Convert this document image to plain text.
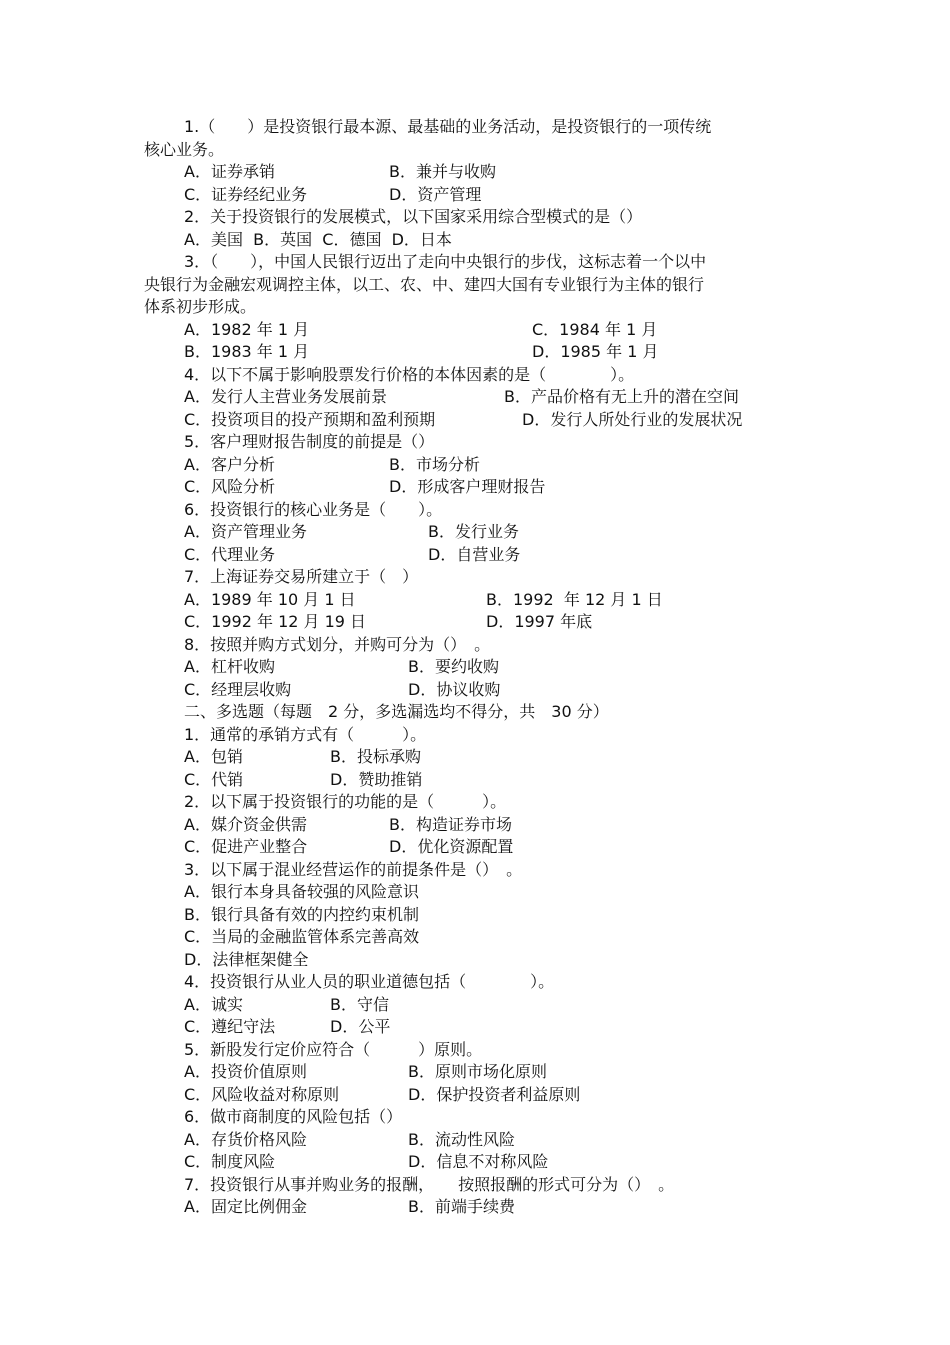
1.（　　）是投资银行最本源、最基础的业务活动，是投资银行的一项传统
核心业务。
A．证券承销	B．兼并与收购
C．证券经纪业务	D．资产管理
2．关于投资银行的发展模式，以下国家采用综合型模式的是（）
A．美国  B．英国  C．德国  D．日本
3．（　　），中国人民银行迈出了走向中央银行的步伐，这标志着一个以中
央银行为金融宏观调控主体，以工、农、中、建四大国有专业银行为主体的银行
体系初步形成。
A．1982 年 1 月	C．1984 年 1 月
B．1983 年 1 月	D．1985 年 1 月
4．以下不属于影响股票发行价格的本体因素的是（　　　　）。
A．发行人主营业务发展前景	B．产品价格有无上升的潜在空间
C．投资项目的投产预期和盈利预期	D．发行人所处行业的发展状况
5．客户理财报告制度的前提是（）
A．客户分析	B．市场分析
C．风险分析	D．形成客户理财报告
6．投资银行的核心业务是（　　）。
A．资产管理业务	B．发行业务
C．代理业务	D．自营业务
7．上海证券交易所建立于（　）
A．1989 年 10 月 1 日	B．1992  年 12 月 1 日
C．1992 年 12 月 19 日	D．1997 年底
8．按照并购方式划分，并购可分为（）　。
A．杠杆收购	B．要约收购
C．经理层收购	D．协议收购
二、多选题（每题　2 分，多选漏选均不得分，共　30 分）
1．通常的承销方式有（　　　）。
A．包销	B．投标承购
C．代销	D．赞助推销
2．以下属于投资银行的功能的是（　　　）。
A．媒介资金供需	B．构造证券市场
C．促进产业整合	D．优化资源配置
3．以下属于混业经营运作的前提条件是（）　。
A．银行本身具备较强的风险意识
B．银行具备有效的内控约束机制
C．当局的金融监管体系完善高效
D．法律框架健全
4．投资银行从业人员的职业道德包括（　　　　）。
A．诚实	B．守信
C．遵纪守法	D．公平
5．新股发行定价应符合（　　　）原则。
A．投资价值原则	B．原则市场化原则
C．风险收益对称原则	D．保护投资者利益原则
6．做市商制度的风险包括（）
A．存货价格风险	B．流动性风险
C．制度风险	D．信息不对称风险
7．投资银行从事并购业务的报酬，　　按照报酬的形式可分为（）　。
A．固定比例佣金	B．前端手续费
